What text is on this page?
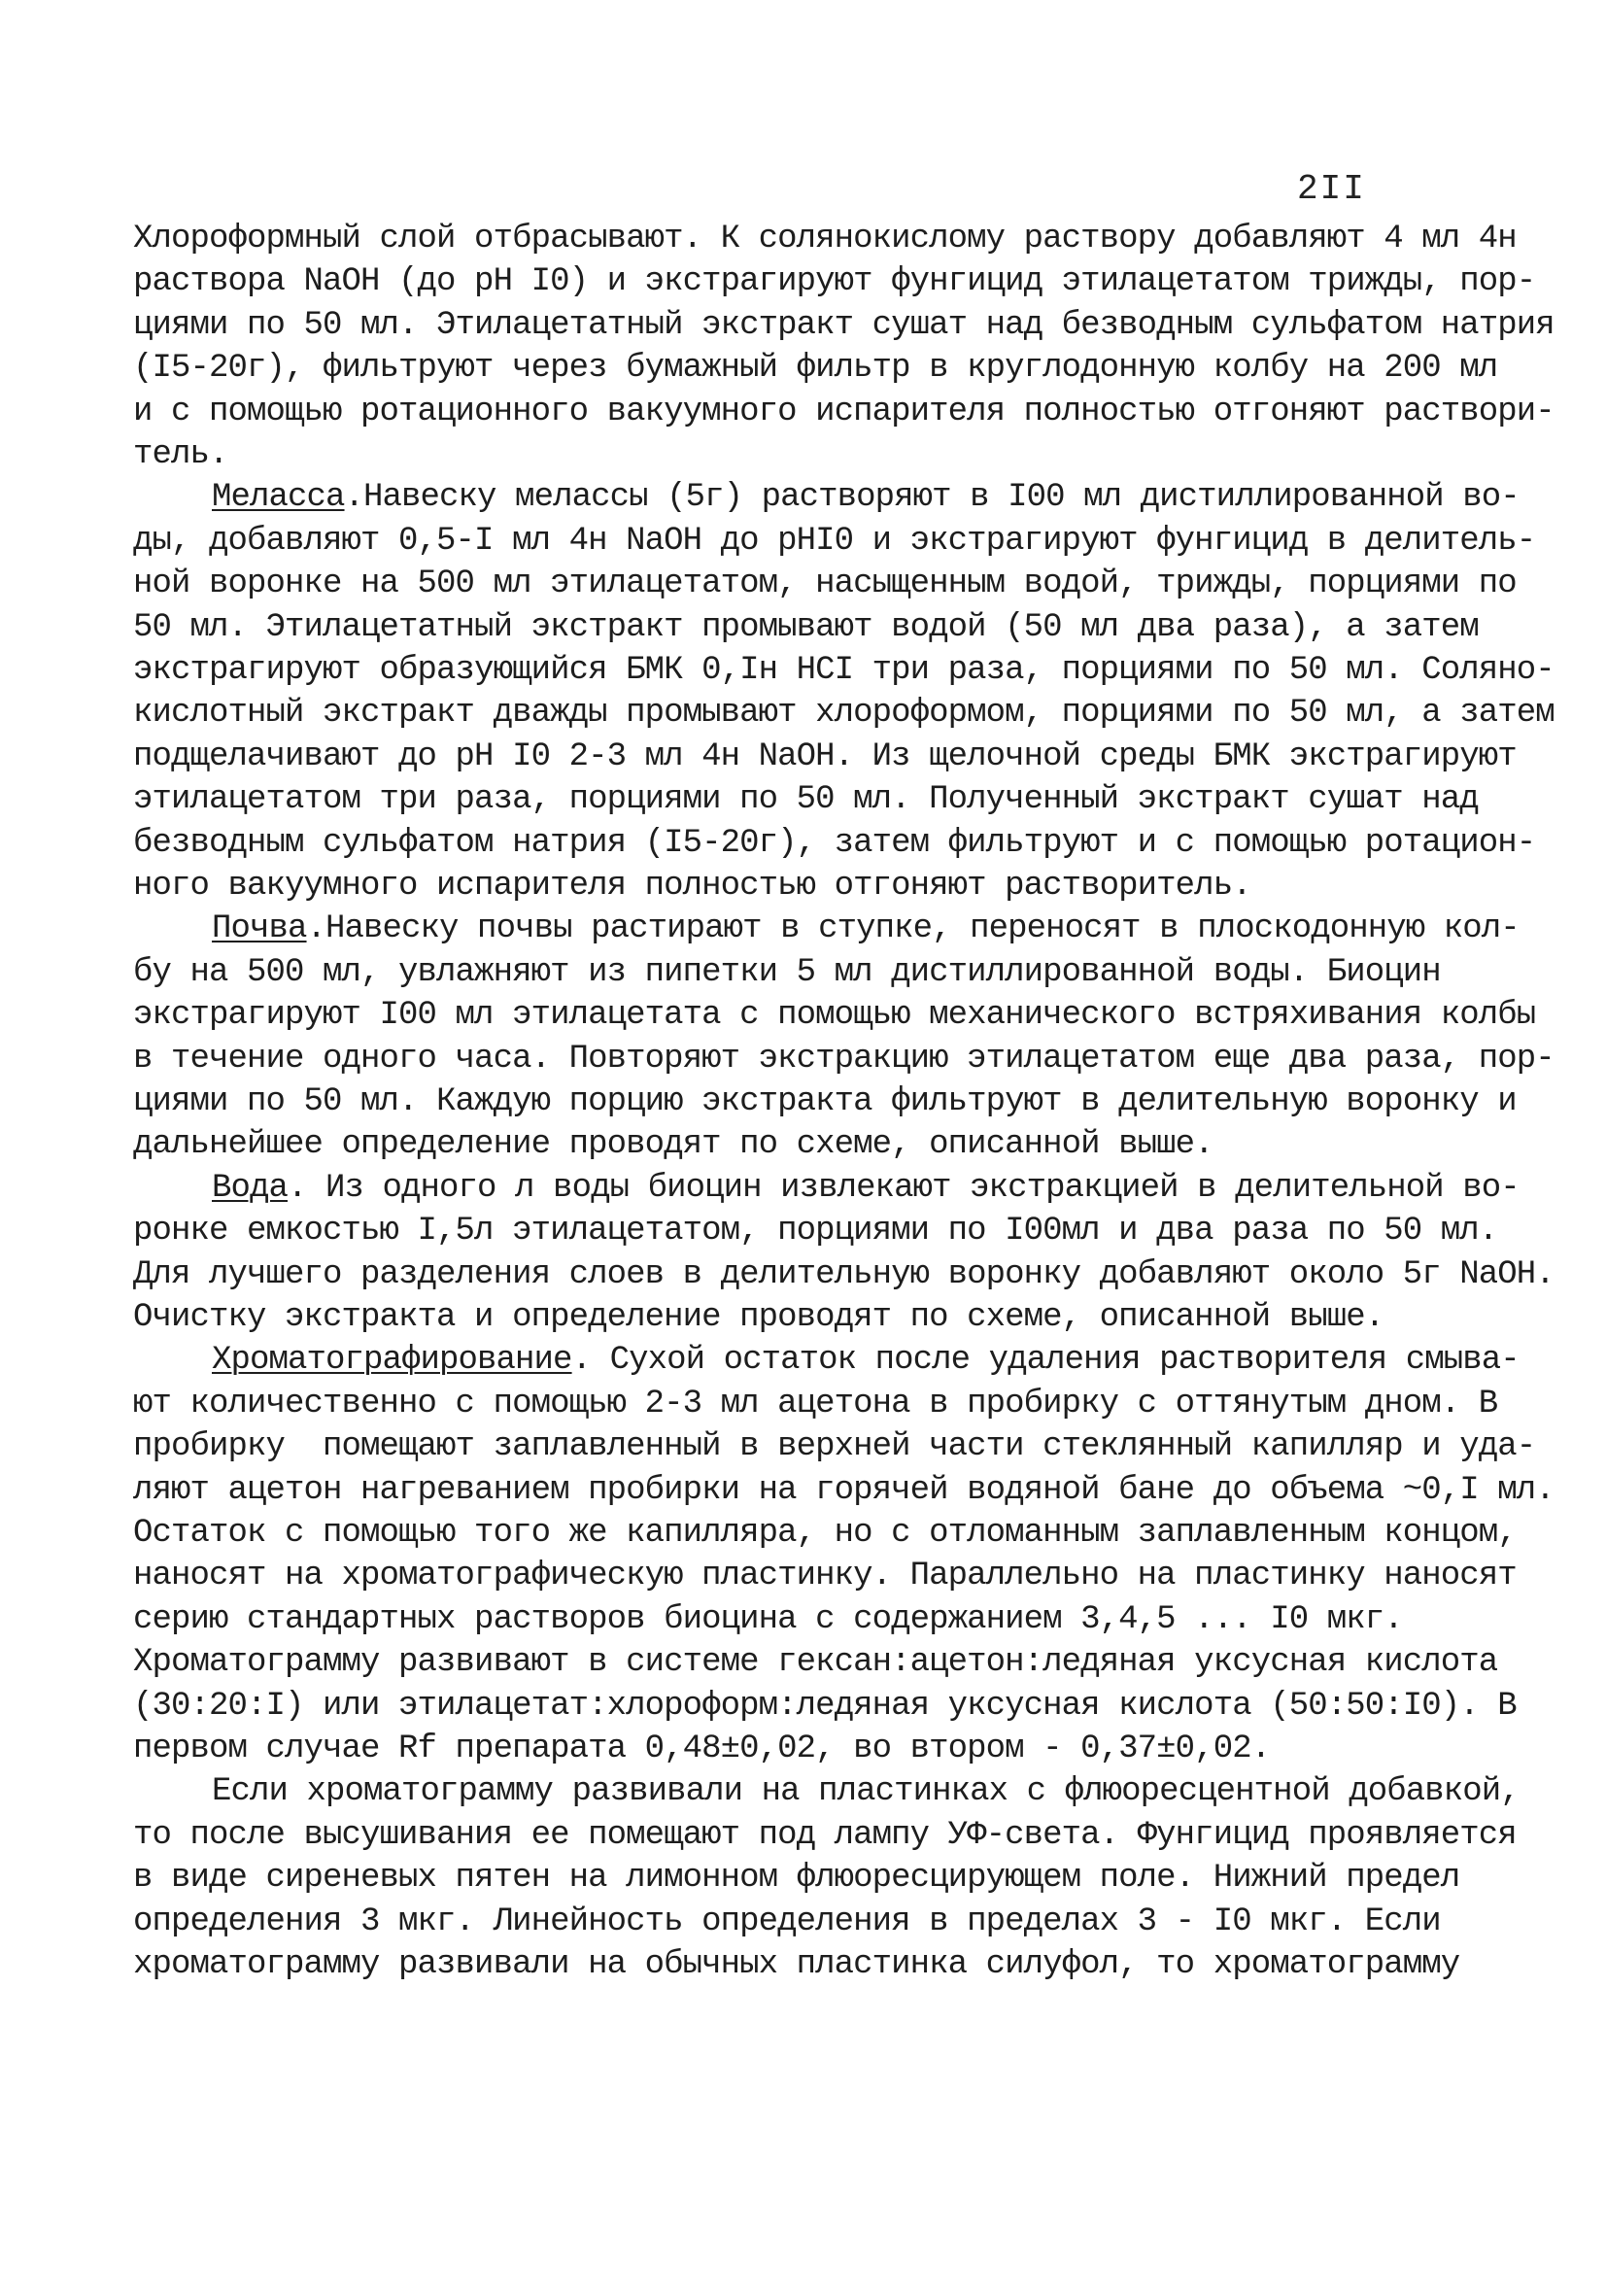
2II
Хлороформный слой отбрасывают. К солянокислому раствору добавляют 4 мл 4н
раствора NaOH (до pH I0) и экстрагируют фунгицид этилацетатом трижды, пор-
циями по 50 мл. Этилацетатный экстракт сушат над безводным сульфатом натрия
(I5-20г), фильтруют через бумажный фильтр в круглодонную колбу на 200 мл
и с помощью ротационного вакуумного испарителя полностью отгоняют раствори-
тель.
Меласса.Навеску мелассы (5г) растворяют в I00 мл дистиллированной во-
ды, добавляют 0,5-I мл 4н NaOH до pHI0 и экстрагируют фунгицид в делитель-
ной воронке на 500 мл этилацетатом, насыщенным водой, трижды, порциями по
50 мл. Этилацетатный экстракт промывают водой (50 мл два раза), а затем
экстрагируют образующийся БМК 0,Iн HCI три раза, порциями по 50 мл. Соляно-
кислотный экстракт дважды промывают хлороформом, порциями по 50 мл, а затем
подщелачивают до pH I0 2-3 мл 4н NaOH. Из щелочной среды БМК экстрагируют
этилацетатом три раза, порциями по 50 мл. Полученный экстракт сушат над
безводным сульфатом натрия (I5-20г), затем фильтруют и с помощью ротацион-
ного вакуумного испарителя полностью отгоняют растворитель.
Почва.Навеску почвы растирают в ступке, переносят в плоскодонную кол-
бу на 500 мл, увлажняют из пипетки 5 мл дистиллированной воды. Биоцин
экстрагируют I00 мл этилацетата с помощью механического встряхивания колбы
в течение одного часа. Повторяют экстракцию этилацетатом еще два раза, пор-
циями по 50 мл. Каждую порцию экстракта фильтруют в делительную воронку и
дальнейшее определение проводят по схеме, описанной выше.
Вода. Из одного л воды биоцин извлекают экстракцией в делительной во-
ронке емкостью I,5л этилацетатом, порциями по I00мл и два раза по 50 мл.
Для лучшего разделения слоев в делительную воронку добавляют около 5г NaOH.
Очистку экстракта и определение проводят по схеме, описанной выше.
Хроматографирование. Сухой остаток после удаления растворителя смыва-
ют количественно с помощью 2-3 мл ацетона в пробирку с оттянутым дном. В
пробирку  помещают заплавленный в верхней части стеклянный капилляр и уда-
ляют ацетон нагреванием пробирки на горячей водяной бане до объема ~0,I мл.
Остаток с помощью того же капилляра, но с отломанным заплавленным концом,
наносят на хроматографическую пластинку. Параллельно на пластинку наносят
серию стандартных растворов биоцина с содержанием 3,4,5 ... I0 мкг.
Хроматограмму развивают в системе гексан:ацетон:ледяная уксусная кислота
(30:20:I) или этилацетат:хлороформ:ледяная уксусная кислота (50:50:I0). В
первом случае Rf препарата 0,48±0,02, во втором - 0,37±0,02.
Если хроматограмму развивали на пластинках с флюоресцентной добавкой,
то после высушивания ее помещают под лампу УФ-света. Фунгицид проявляется
в виде сиреневых пятен на лимонном флюоресцирующем поле. Нижний предел
определения 3 мкг. Линейность определения в пределах 3 - I0 мкг. Если
хроматограмму развивали на обычных пластинка силуфол, то хроматограмму
